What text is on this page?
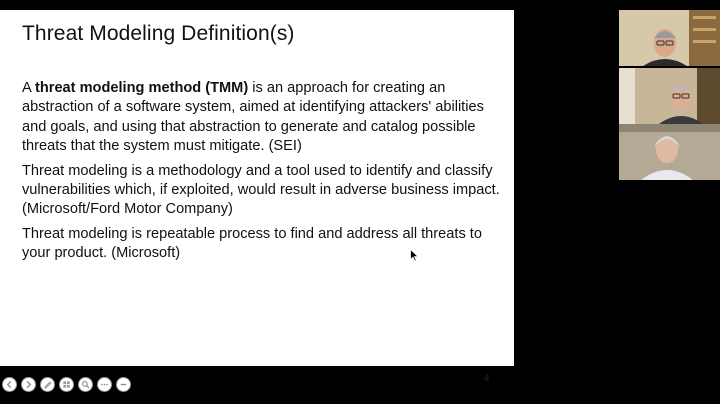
Threat Modeling Definition(s)

A threat modeling method (TMM) is an approach for creating an abstraction of a software system, aimed at identifying attackers' abilities and goals, and using that abstraction to generate and catalog possible threats that the system must mitigate. (SEI)

Threat modeling is a methodology and a tool used to identify and classify vulnerabilities which, if exploited, would result in adverse business impact. (Microsoft/Ford Motor Company)

Threat modeling is repeatable process to find and address all threats to your product. (Microsoft)

4
